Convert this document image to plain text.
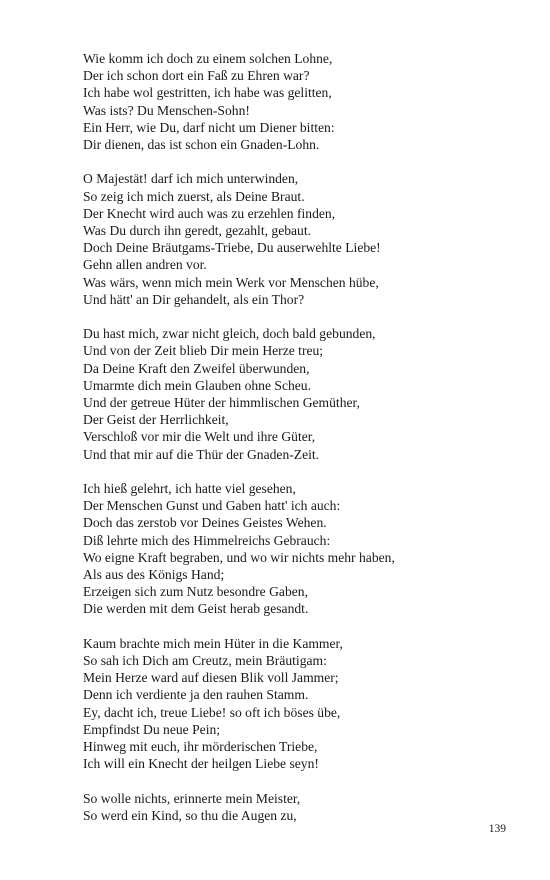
Wie komm ich doch zu einem solchen Lohne,
Der ich schon dort ein Faß zu Ehren war?
Ich habe wol gestritten, ich habe was gelitten,
Was ists? Du Menschen-Sohn!
Ein Herr, wie Du, darf nicht um Diener bitten:
Dir dienen, das ist schon ein Gnaden-Lohn.
O Majestät! darf ich mich unterwinden,
So zeig ich mich zuerst, als Deine Braut.
Der Knecht wird auch was zu erzehlen finden,
Was Du durch ihn geredt, gezahlt, gebaut.
Doch Deine Bräutgams-Triebe, Du auserwehlte Liebe!
Gehn allen andren vor.
Was wärs, wenn mich mein Werk vor Menschen hübe,
Und hätt' an Dir gehandelt, als ein Thor?
Du hast mich, zwar nicht gleich, doch bald gebunden,
Und von der Zeit blieb Dir mein Herze treu;
Da Deine Kraft den Zweifel überwunden,
Umarmte dich mein Glauben ohne Scheu.
Und der getreue Hüter der himmlischen Gemüther,
Der Geist der Herrlichkeit,
Verschloß vor mir die Welt und ihre Güter,
Und that mir auf die Thür der Gnaden-Zeit.
Ich hieß gelehrt, ich hatte viel gesehen,
Der Menschen Gunst und Gaben hatt' ich auch:
Doch das zerstob vor Deines Geistes Wehen.
Diß lehrte mich des Himmelreichs Gebrauch:
Wo eigne Kraft begraben, und wo wir nichts mehr haben,
Als aus des Königs Hand;
Erzeigen sich zum Nutz besondre Gaben,
Die werden mit dem Geist herab gesandt.
Kaum brachte mich mein Hüter in die Kammer,
So sah ich Dich am Creutz, mein Bräutigam:
Mein Herze ward auf diesen Blik voll Jammer;
Denn ich verdiente ja den rauhen Stamm.
Ey, dacht ich, treue Liebe! so oft ich böses übe,
Empfindst Du neue Pein;
Hinweg mit euch, ihr mörderischen Triebe,
Ich will ein Knecht der heilgen Liebe seyn!
So wolle nichts, erinnerte mein Meister,
So werd ein Kind, so thu die Augen zu,
139
